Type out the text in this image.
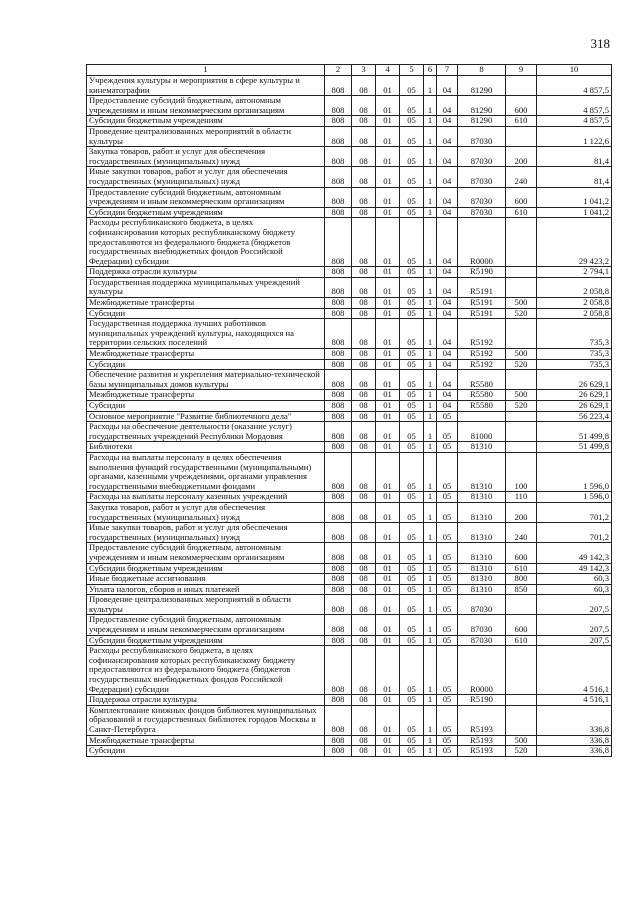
318
1	2	3	4	5	6	7	8	9	10
Учреждения культуры и мероприятия в сфере культуры и кинематографии	808	08	01	05	1	04	81290		4 857,5
Предоставление субсидий бюджетным, автономным учреждениям и иным некоммерческим организациям	808	08	01	05	1	04	81290	600	4 857,5
Субсидии бюджетным учреждениям	808	08	01	05	1	04	81290	610	4 857,5
Проведение централизованных мероприятий в области культуры	808	08	01	05	1	04	87030		1 122,6
Закупка товаров, работ и услуг для обеспечения государственных (муниципальных) нужд	808	08	01	05	1	04	87030	200	81,4
Иные закупки товаров, работ и услуг для обеспечения государственных (муниципальных) нужд	808	08	01	05	1	04	87030	240	81,4
Предоставление субсидий бюджетным, автономным учреждениям и иным некоммерческим организациям	808	08	01	05	1	04	87030	600	1 041,2
Субсидии бюджетным учреждениям	808	08	01	05	1	04	87030	610	1 041,2
Расходы республиканского бюджета, в целях софинансирования которых республиканскому бюджету предоставляются из федерального бюджета (бюджетов государственных внебюджетных фондов Российской Федерации) субсидии	808	08	01	05	1	04	R0000		29 423,2
Поддержка отрасли культуры	808	08	01	05	1	04	R5190		2 794,1
Государственная поддержка муниципальных учреждений культуры	808	08	01	05	1	04	R5191		2 058,8
Межбюджетные трансферты	808	08	01	05	1	04	R5191	500	2 058,8
Субсидии	808	08	01	05	1	04	R5191	520	2 058,8
Государственная поддержка лучших работников муниципальных учреждений культуры, находящихся на территории сельских поселений	808	08	01	05	1	04	R5192		735,3
Межбюджетные трансферты	808	08	01	05	1	04	R5192	500	735,3
Субсидии	808	08	01	05	1	04	R5192	520	735,3
Обеспечение развития и укрепления материально-технической базы муниципальных домов культуры	808	08	01	05	1	04	R5580		26 629,1
Межбюджетные трансферты	808	08	01	05	1	04	R5580	500	26 629,1
Субсидии	808	08	01	05	1	04	R5580	520	26 629,1
Основное мероприятие "Развитие библиотечного дела"	808	08	01	05	1	05			56 223,4
Расходы на обеспечение деятельности (оказание услуг) государственных учреждений Республики Мордовия	808	08	01	05	1	05	81000		51 499,8
Библиотеки	808	08	01	05	1	05	81310		51 499,8
Расходы на выплаты персоналу в целях обеспечения выполнения функций государственными (муниципальными) органами, казенными учреждениями, органами управления государственными внебюджетными фондами	808	08	01	05	1	05	81310	100	1 596,0
Расходы на выплаты персоналу казенных учреждений	808	08	01	05	1	05	81310	110	1 596,0
Закупка товаров, работ и услуг для обеспечения государственных (муниципальных) нужд	808	08	01	05	1	05	81310	200	701,2
Иные закупки товаров, работ и услуг для обеспечения государственных (муниципальных) нужд	808	08	01	05	1	05	81310	240	701,2
Предоставление субсидий бюджетным, автономным учреждениям и иным некоммерческим организациям	808	08	01	05	1	05	81310	600	49 142,3
Субсидии бюджетным учреждениям	808	08	01	05	1	05	81310	610	49 142,3
Иные бюджетные ассигнования	808	08	01	05	1	05	81310	800	60,3
Уплата налогов, сборов и иных платежей	808	08	01	05	1	05	81310	850	60,3
Проведение централизованных мероприятий в области культуры	808	08	01	05	1	05	87030		207,5
Предоставление субсидий бюджетным, автономным учреждениям и иным некоммерческим организациям	808	08	01	05	1	05	87030	600	207,5
Субсидии бюджетным учреждениям	808	08	01	05	1	05	87030	610	207,5
Расходы республиканского бюджета, в целях софинансирования которых республиканскому бюджету предоставляются из федерального бюджета (бюджетов государственных внебюджетных фондов Российской Федерации) субсидии	808	08	01	05	1	05	R0000		4 516,1
Поддержка отрасли культуры	808	08	01	05	1	05	R5190		4 516,1
Комплектование книжных фондов библиотек муниципальных образований и государственных библиотек городов Москвы и Санкт-Петербурга	808	08	01	05	1	05	R5193		336,8
Межбюджетные трансферты	808	08	01	05	1	05	R5193	500	336,8
Субсидии	808	08	01	05	1	05	R5193	520	336,8
